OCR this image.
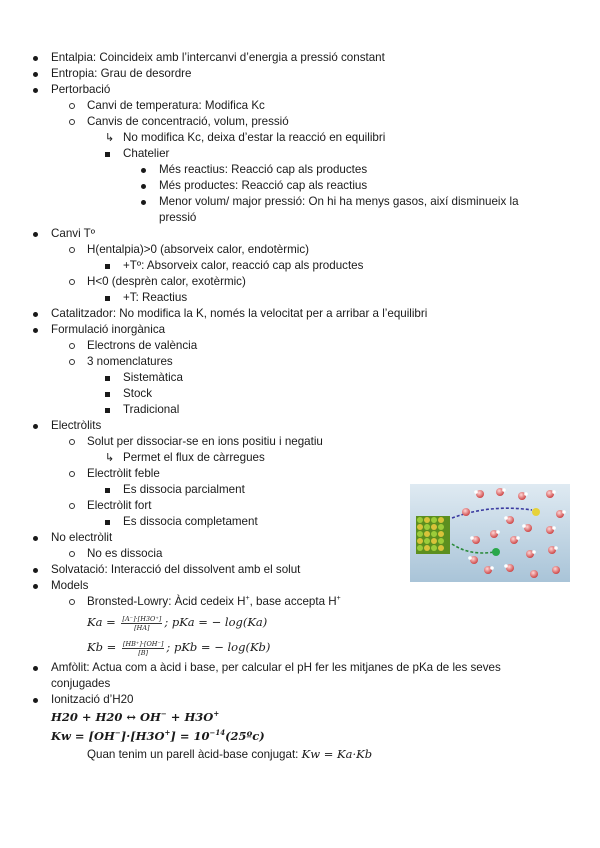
Entalpia: Coincideix amb l’intercanvi d’energia a pressió constant
Entropia: Grau de desordre
Pertorbació
Canvi de temperatura: Modifica Kc
Canvis de concentració, volum, pressió
↳ No modifica Kc, deixa d’estar la reacció en equilibri
Chatelier
Més reactius: Reacció cap als productes
Més productes: Reacció cap als reactius
Menor volum/ major pressió: On hi ha menys gasos, així disminueix la
pressió
Canvi Tº
H(entalpia)>0 (absorveix calor, endotèrmic)
+Tº: Absorveix calor, reacció cap als productes
H<0 (desprèn calor, exotèrmic)
+T: Reactius
Catalitzador: No modifica la K, només la velocitat per a arribar a l’equilibri
Formulació inorgànica
Electrons de valència
3 nomenclatures
Sistemàtica
Stock
Tradicional
Electròlits
Solut per dissociar-se en ions positiu i negatiu
↳ Permet el flux de càrregues
Electròlit feble
Es dissocia parcialment
Electròlit fort
Es dissocia completament
No electròlit
No es dissocia
Solvatació: Interacció del dissolvent amb el solut
Models
Bronsted-Lowry: Àcid cedeix H+, base accepta H+
$Ka = \frac{[A^-]\cdot[H3O^+]}{[HA]}$ ; pKa = − log(Ka)
$Kb = \frac{[HB^+]\cdot[OH^-]}{[B]}$ ; pKb = − log(Kb)
Amfòlit: Actua com a àcid i base, per calcular el pH fer les mitjanes de pKa de les seves
conjugades
Ionització d’H20
H20 + H20 ↔ OH− + H3O+
$Kw = [OH^-]\cdot[H3O^+] = 10^{-14}(25ºc)$
Quan tenim un parell àcid-base conjugat: Kw = Ka·Kb
